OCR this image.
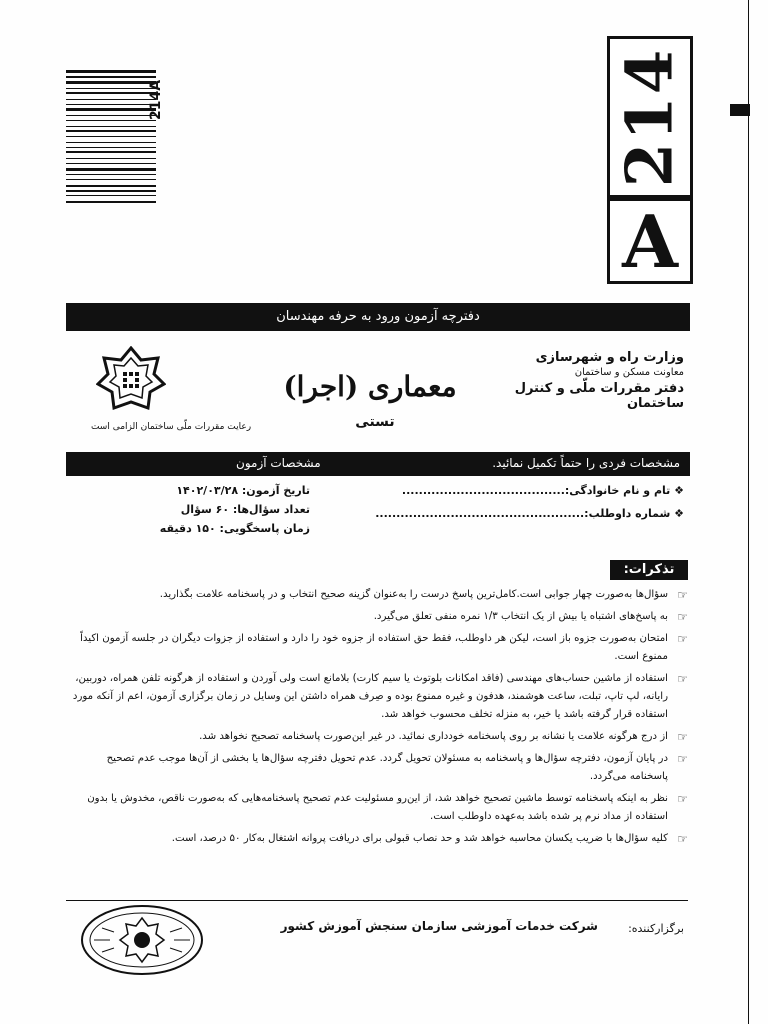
214A	214
A
دفترچه آزمون ورود به حرفه مهندسان
وزارت راه و شهرسازی
معاونت مسکن و ساختمان
دفتر مقررات ملّی و کنترل ساختمان
معماری (اجرا)
تستی
رعایت مقررات ملّی ساختمان الزامی است
مشخصات فردی را حتماً تکمیل نمائید.
مشخصات آزمون
❖ تام و نام خانوادگی:.......................................
❖ شماره داوطلب:..................................................
تاریخ آزمون: ۱۴۰۲/۰۳/۲۸
تعداد سؤال‌ها: ۶۰ سؤال
زمان پاسخگویی: ۱۵۰ دقیقه
تذکرات:
☞
سؤال‌ها به‌صورت چهار جوابی است.کامل‌ترین پاسخ درست را به‌عنوان گزینه صحیح انتخاب و در پاسخنامه علامت بگذارید.
☞
به پاسخ‌های اشتباه یا بیش از یک انتخاب ۱/۳ نمره منفی تعلق می‌گیرد.
☞
امتحان به‌صورت جزوه باز است، لیکن هر داوطلب، فقط حق استفاده از جزوه خود را دارد و استفاده از جزوات دیگران در جلسه آزمون اکیداً ممنوع است.
☞
استفاده از ماشین حساب‌های مهندسی (فاقد امکانات بلوتوث یا سیم کارت) بلامانع است ولی آوردن و استفاده از هرگونه تلفن همراه، دوربین، رایانه، لپ تاپ، تبلت، ساعت هوشمند، هدفون و غیره ممنوع بوده و صِرف همراه داشتن این وسایل در زمان برگزاری آزمون، اعم از آنکه مورد استفاده قرار گرفته باشد یا خیر، به منزله تخلف محسوب خواهد شد.
☞
از درج هرگونه علامت یا نشانه بر روی پاسخنامه خودداری نمائید. در غیر این‌صورت پاسخنامه تصحیح نخواهد شد.
☞
در پایان آزمون، دفترچه سؤال‌ها و پاسخنامه به مسئولان تحویل گردد. عدم تحویل دفترچه سؤال‌ها یا بخشی از آن‌ها موجب عدم تصحیح پاسخنامه می‌گردد.
☞
نظر به اینکه پاسخنامه توسط ماشین تصحیح خواهد شد، از این‌رو مسئولیت عدم تصحیح پاسخنامه‌هایی که به‌صورت ناقص، مخدوش یا بدون استفاده از مداد نرم پر شده باشد به‌عهده داوطلب است.
☞
کلیه سؤال‌ها با ضریب یکسان محاسبه خواهد شد و حد نصاب قبولی برای دریافت پروانه اشتغال به‌کار ۵۰ درصد، است.
برگزارکننده:
شرکت خدمات آموزشی سازمان سنجش آموزش کشور
